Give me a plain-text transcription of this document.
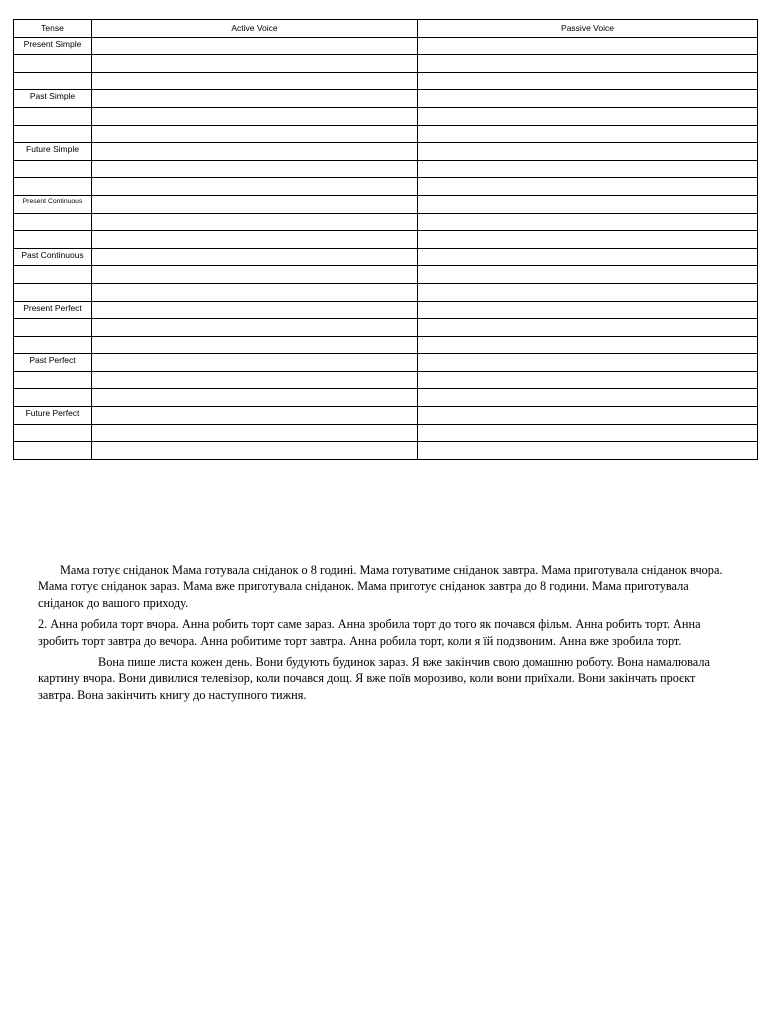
Tense	Active Voice	Passive Voice
Present Simple		

Past Simple		

Future Simple		

Present Continuous		

Past Continuous		

Present Perfect		

Past Perfect		

Future Perfect		

Мама готує сніданок Мама готувала сніданок о 8 годині. Мама готуватиме сніданок завтра. Мама приготувала сніданок вчора. Мама готує сніданок зараз. Мама вже приготувала сніданок. Мама приготує сніданок завтра до 8 години. Мама приготувала сніданок до вашого приходу.

2. Анна робила торт вчора. Анна робить торт саме зараз. Анна зробила торт до того як почався фільм. Анна робить торт. Анна зробить торт завтра до вечора. Анна робитиме торт завтра. Анна робила торт, коли я їй подзвоним. Анна вже зробила торт.

Вона пише листа кожен день. Вони будують будинок зараз. Я вже закінчив свою домашню роботу. Вона намалювала картину вчора. Вони дивилися телевізор, коли почався дощ. Я вже поїв морозиво, коли вони приїхали. Вони закінчать проєкт завтра. Вона закінчить книгу до наступного тижня.
